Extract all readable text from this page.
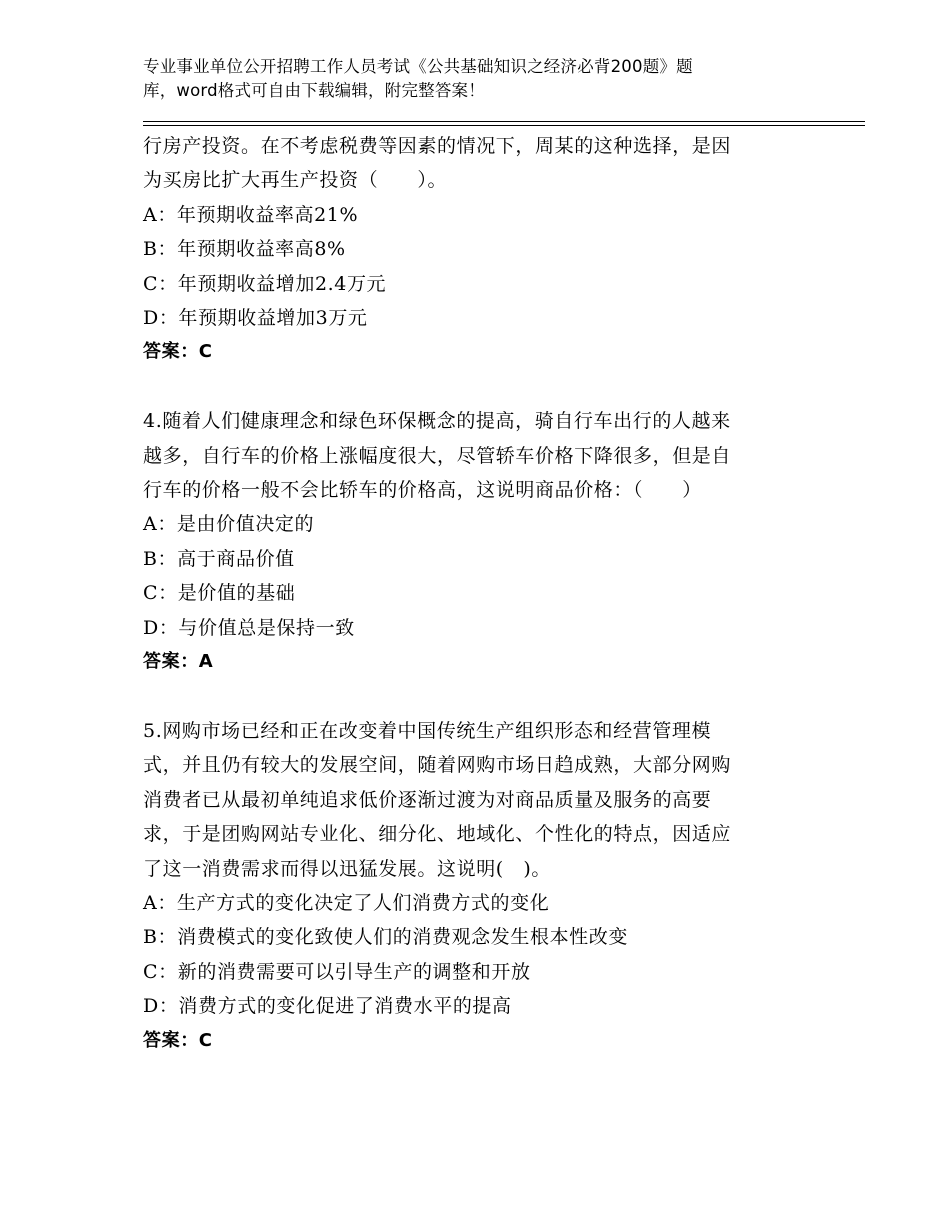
专业事业单位公开招聘工作人员考试《公共基础知识之经济必背200题》题
库，word格式可自由下载编辑，附完整答案！
行房产投资。在不考虑税费等因素的情况下，周某的这种选择，是因
为买房比扩大再生产投资（　　）。
A：年预期收益率高21%
B：年预期收益率高8%
C：年预期收益增加2.4万元
D：年预期收益增加3万元
答案：C
4.随着人们健康理念和绿色环保概念的提高，骑自行车出行的人越来
越多，自行车的价格上涨幅度很大，尽管轿车价格下降很多，但是自
行车的价格一般不会比轿车的价格高，这说明商品价格：（　　）
A：是由价值决定的
B：高于商品价值
C：是价值的基础
D：与价值总是保持一致
答案：A
5.网购市场已经和正在改变着中国传统生产组织形态和经营管理模
式，并且仍有较大的发展空间，随着网购市场日趋成熟，大部分网购
消费者已从最初单纯追求低价逐渐过渡为对商品质量及服务的高要
求，于是团购网站专业化、细分化、地域化、个性化的特点，因适应
了这一消费需求而得以迅猛发展。这说明(　)。
A：生产方式的变化决定了人们消费方式的变化
B：消费模式的变化致使人们的消费观念发生根本性改变
C：新的消费需要可以引导生产的调整和开放
D：消费方式的变化促进了消费水平的提高
答案：C
